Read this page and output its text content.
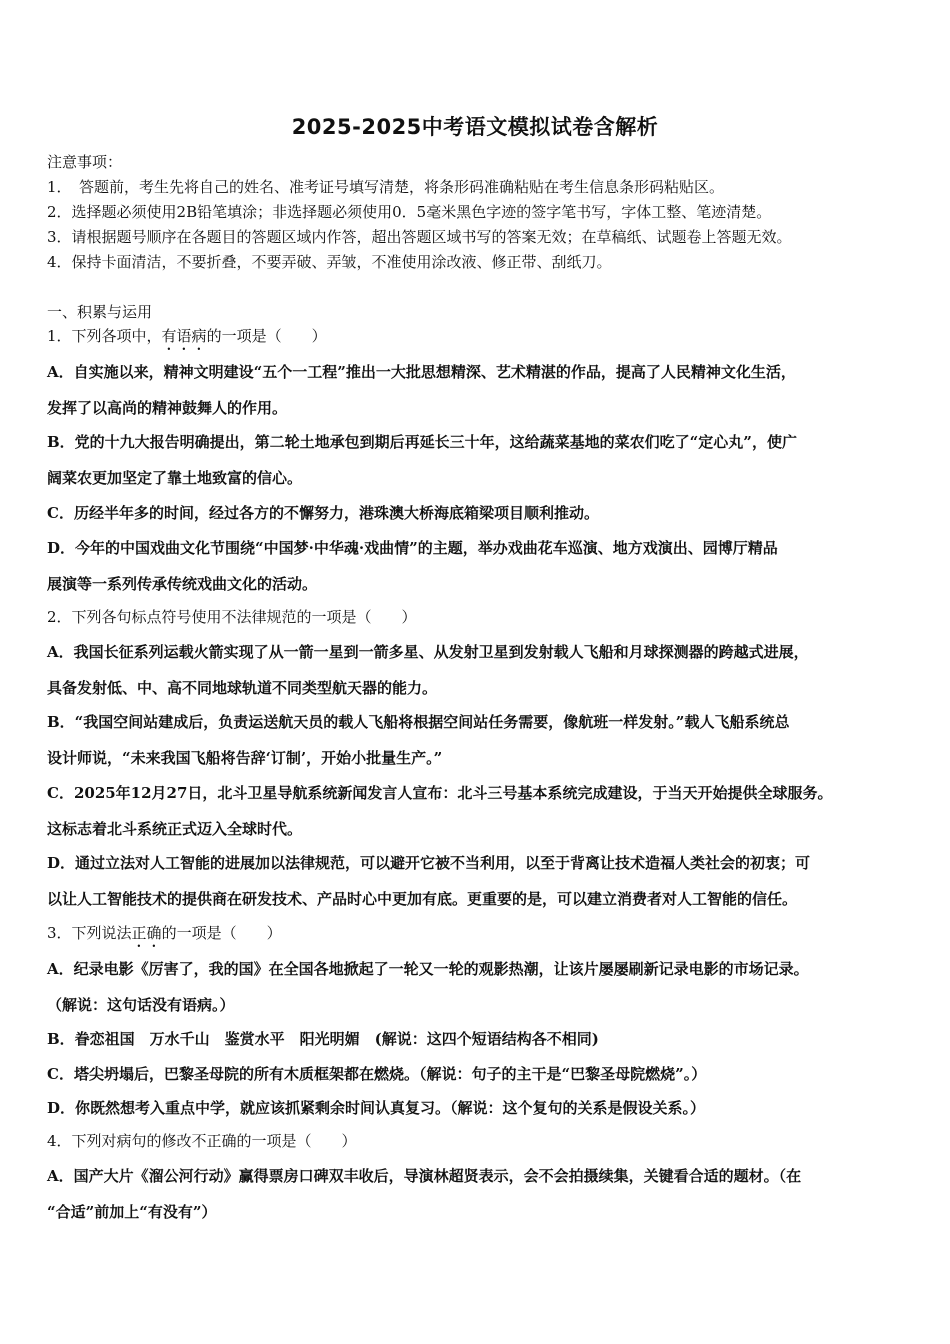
2025-2025中考语文模拟试卷含解析
注意事项：
1．　答题前，考生先将自己的姓名、准考证号填写清楚，将条形码准确粘贴在考生信息条形码粘贴区。
2．选择题必须使用2B铅笔填涂；非选择题必须使用0．5毫米黑色字迹的签字笔书写，字体工整、笔迹清楚。
3．请根据题号顺序在各题目的答题区域内作答，超出答题区域书写的答案无效；在草稿纸、试题卷上答题无效。
4．保持卡面清洁，不要折叠，不要弄破、弄皱，不准使用涂改液、修正带、刮纸刀。
一、积累与运用
1．下列各项中，有语病的一项是（　　）
A．自实施以来，精神文明建设“五个一工程”推出一大批思想精深、艺术精湛的作品，提高了人民精神文化生活，
发挥了以高尚的精神鼓舞人的作用。
B．党的十九大报告明确提出，第二轮土地承包到期后再延长三十年，这给蔬菜基地的菜农们吃了“定心丸”，使广
阔菜农更加坚定了靠土地致富的信心。
C．历经半年多的时间，经过各方的不懈努力，港珠澳大桥海底箱梁项目顺利推动。
D．今年的中国戏曲文化节围绕“中国梦·中华魂·戏曲情”的主题，举办戏曲花车巡演、地方戏演出、园博厅精品
展演等一系列传承传统戏曲文化的活动。
2．下列各句标点符号使用不法律规范的一项是（　　）
A．我国长征系列运载火箭实现了从一箭一星到一箭多星、从发射卫星到发射载人飞船和月球探测器的跨越式进展，
具备发射低、中、高不同地球轨道不同类型航天器的能力。
B．“我国空间站建成后，负责运送航天员的载人飞船将根据空间站任务需要，像航班一样发射。”载人飞船系统总
设计师说，“未来我国飞船将告辞‘订制’，开始小批量生产。”
C．2025年12月27日，北斗卫星导航系统新闻发言人宣布：北斗三号基本系统完成建设，于当天开始提供全球服务。
这标志着北斗系统正式迈入全球时代。
D．通过立法对人工智能的进展加以法律规范，可以避开它被不当利用，以至于背离让技术造福人类社会的初衷；可
以让人工智能技术的提供商在研发技术、产品时心中更加有底。更重要的是，可以建立消费者对人工智能的信任。
3．下列说法正确的一项是（　　）
A．纪录电影《厉害了，我的国》在全国各地掀起了一轮又一轮的观影热潮，让该片屡屡刷新记录电影的市场记录。
（解说：这句话没有语病。）
B．眷恋祖国　万水千山　鉴赏水平　阳光明媚　(解说：这四个短语结构各不相同)
C．塔尖坍塌后，巴黎圣母院的所有木质框架都在燃烧。（解说：句子的主干是“巴黎圣母院燃烧”。）
D．你既然想考入重点中学，就应该抓紧剩余时间认真复习。（解说：这个复句的关系是假设关系。）
4．下列对病句的修改不正确的一项是（　　）
A．国产大片《溜公河行动》赢得票房口碑双丰收后，导演林超贤表示，会不会拍摄续集，关键看合适的题材。（在
“合适”前加上“有没有”）
